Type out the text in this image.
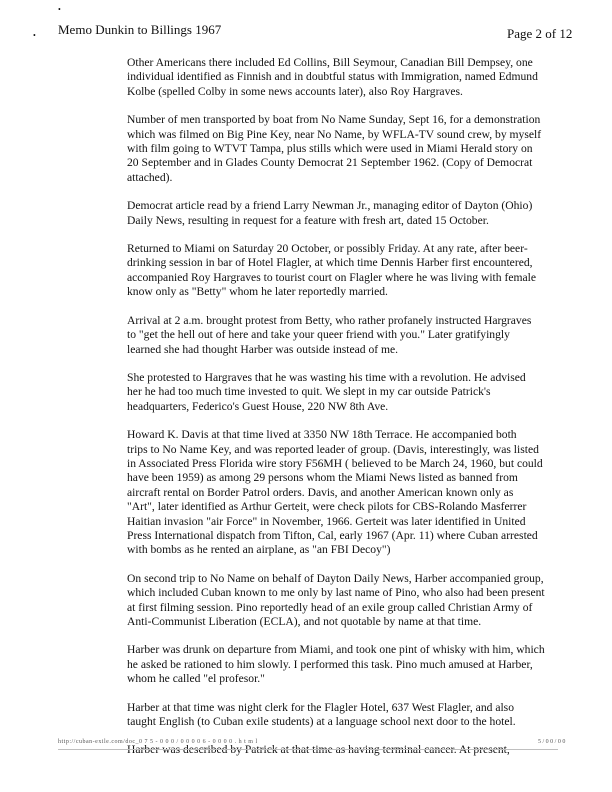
•
• Memo Dunkin to Billings 1967	Page 2 of 12

Other Americans there included Ed Collins, Bill Seymour, Canadian Bill Dempsey, one
individual identified as Finnish and in doubtful status with Immigration, named Edmund
Kolbe (spelled Colby in some news accounts later), also Roy Hargraves.

Number of men transported by boat from No Name Sunday, Sept 16, for a demonstration
which was filmed on Big Pine Key, near No Name, by WFLA-TV sound crew, by myself
with film going to WTVT Tampa, plus stills which were used in Miami Herald story on
20 September and in Glades County Democrat 21 September 1962. (Copy of Democrat
attached).

Democrat article read by a friend Larry Newman Jr., managing editor of Dayton (Ohio)
Daily News, resulting in request for a feature with fresh art, dated 15 October.

Returned to Miami on Saturday 20 October, or possibly Friday. At any rate, after beer-
drinking session in bar of Hotel Flagler, at which time Dennis Harber first encountered,
accompanied Roy Hargraves to tourist court on Flagler where he was living with female
know only as "Betty" whom he later reportedly married.

Arrival at 2 a.m. brought protest from Betty, who rather profanely instructed Hargraves
to "get the hell out of here and take your queer friend with you." Later gratifyingly
learned she had thought Harber was outside instead of me.

She protested to Hargraves that he was wasting his time with a revolution. He advised
her he had too much time invested to quit. We slept in my car outside Patrick's
headquarters, Federico's Guest House, 220 NW 8th Ave.

Howard K. Davis at that time lived at 3350 NW 18th Terrace. He accompanied both
trips to No Name Key, and was reported leader of group. (Davis, interestingly, was listed
in Associated Press Florida wire story F56MH ( believed to be March 24, 1960, but could
have been 1959) as among 29 persons whom the Miami News listed as banned from
aircraft rental on Border Patrol orders. Davis, and another American known only as
"Art", later identified as Arthur Gerteit, were check pilots for CBS-Rolando Masferrer
Haitian invasion "air Force" in November, 1966. Gerteit was later identified in United
Press International dispatch from Tifton, Cal, early 1967 (Apr. 11) where Cuban arrested
with bombs as he rented an airplane, as "an FBI Decoy")

On second trip to No Name on behalf of Dayton Daily News, Harber accompanied group,
which included Cuban known to me only by last name of Pino, who also had been present
at first filming session. Pino reportedly head of an exile group called Christian Army of
Anti-Communist Liberation (ECLA), and not quotable by name at that time.

Harber was drunk on departure from Miami, and took one pint of whisky with him, which
he asked be rationed to him slowly. I performed this task. Pino much amused at Harber,
whom he called "el profesor."

Harber at that time was night clerk for the Flagler Hotel, 637 West Flagler, and also
taught English (to Cuban exile students) at a language school next door to the hotel.

Harber was described by Patrick at that time as having terminal cancer. At present,

http://cuban-exile.com/doc_0 7 5 - 0 0 0 / 0 0 0 0 6 - 0 0 0 0 . h t m l	5 / 0 0 / 0 0
